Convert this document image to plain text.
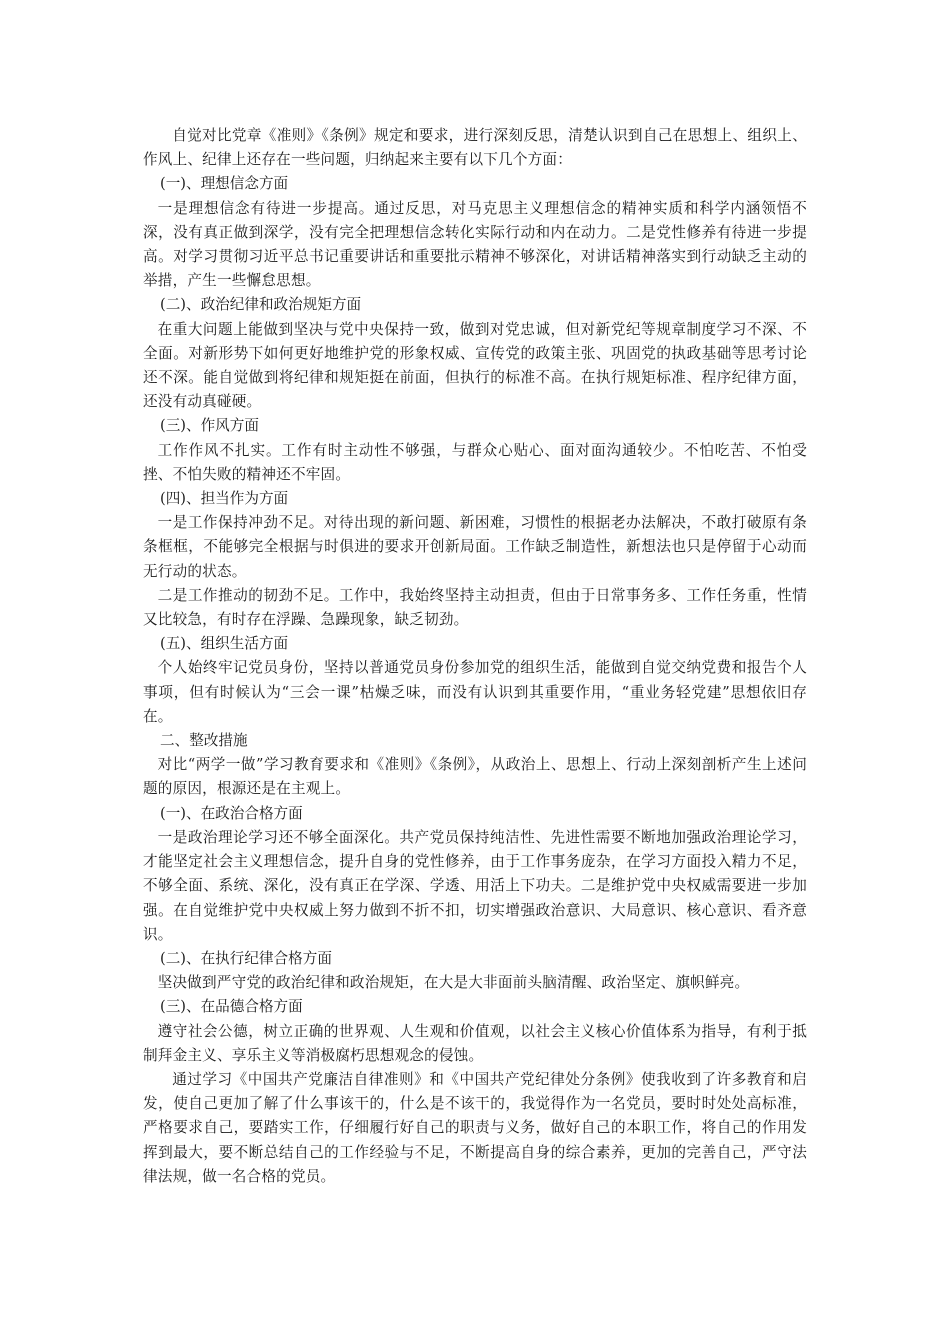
自觉对比党章《准则》《条例》规定和要求，进行深刻反思，清楚认识到自己在思想上、组织上、作风上、纪律上还存在一些问题，归纳起来主要有以下几个方面：

(一)、理想信念方面

一是理想信念有待进一步提高。通过反思，对马克思主义理想信念的精神实质和科学内涵领悟不深，没有真正做到深学，没有完全把理想信念转化实际行动和内在动力。二是党性修养有待进一步提高。对学习贯彻习近平总书记重要讲话和重要批示精神不够深化，对讲话精神落实到行动缺乏主动的举措，产生一些懈怠思想。

(二)、政治纪律和政治规矩方面

在重大问题上能做到坚决与党中央保持一致，做到对党忠诚，但对新党纪等规章制度学习不深、不全面。对新形势下如何更好地维护党的形象权威、宣传党的政策主张、巩固党的执政基础等思考讨论还不深。能自觉做到将纪律和规矩挺在前面，但执行的标准不高。在执行规矩标准、程序纪律方面，还没有动真碰硬。

(三)、作风方面

工作作风不扎实。工作有时主动性不够强，与群众心贴心、面对面沟通较少。不怕吃苦、不怕受挫、不怕失败的精神还不牢固。

(四)、担当作为方面

一是工作保持冲劲不足。对待出现的新问题、新困难，习惯性的根据老办法解决，不敢打破原有条条框框，不能够完全根据与时俱进的要求开创新局面。工作缺乏制造性，新想法也只是停留于心动而无行动的状态。

二是工作推动的韧劲不足。工作中，我始终坚持主动担责，但由于日常事务多、工作任务重，性情又比较急，有时存在浮躁、急躁现象，缺乏韧劲。

(五)、组织生活方面

个人始终牢记党员身份，坚持以普通党员身份参加党的组织生活，能做到自觉交纳党费和报告个人事项，但有时候认为“三会一课”枯燥乏味，而没有认识到其重要作用，“重业务轻党建”思想依旧存在。

二、整改措施

对比“两学一做”学习教育要求和《准则》《条例》，从政治上、思想上、行动上深刻剖析产生上述问题的原因，根源还是在主观上。

(一)、在政治合格方面

一是政治理论学习还不够全面深化。共产党员保持纯洁性、先进性需要不断地加强政治理论学习，才能坚定社会主义理想信念，提升自身的党性修养，由于工作事务庞杂，在学习方面投入精力不足，不够全面、系统、深化，没有真正在学深、学透、用活上下功夫。二是维护党中央权威需要进一步加强。在自觉维护党中央权威上努力做到不折不扣，切实增强政治意识、大局意识、核心意识、看齐意识。

(二)、在执行纪律合格方面

坚决做到严守党的政治纪律和政治规矩，在大是大非面前头脑清醒、政治坚定、旗帜鲜亮。

(三)、在品德合格方面

遵守社会公德，树立正确的世界观、人生观和价值观，以社会主义核心价值体系为指导，有利于抵制拜金主义、享乐主义等消极腐朽思想观念的侵蚀。

通过学习《中国共产党廉洁自律准则》和《中国共产党纪律处分条例》使我收到了许多教育和启发，使自己更加了解了什么事该干的，什么是不该干的，我觉得作为一名党员，要时时处处高标准，严格要求自己，要踏实工作，仔细履行好自己的职责与义务，做好自己的本职工作，将自己的作用发挥到最大，要不断总结自己的工作经验与不足，不断提高自身的综合素养，更加的完善自己，严守法律法规，做一名合格的党员。
